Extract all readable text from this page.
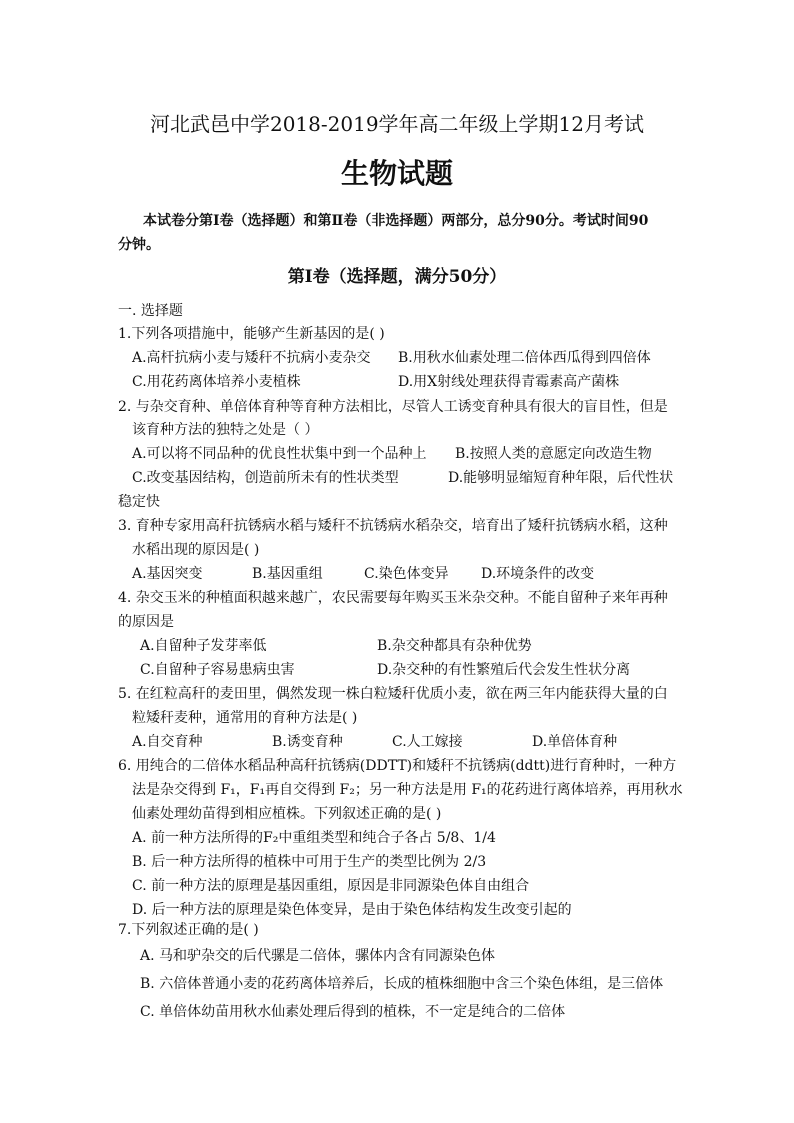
河北武邑中学2018-2019学年高二年级上学期12月考试
生物试题
本试卷分第Ⅰ卷（选择题）和第Ⅱ卷（非选择题）两部分，总分90分。考试时间90
分钟。
第Ⅰ卷（选择题，满分50分）
一. 选择题
1.下列各项措施中，能够产生新基因的是( )
A.高杆抗病小麦与矮秆不抗病小麦杂交 B.用秋水仙素处理二倍体西瓜得到四倍体
C.用花药离体培养小麦植株	D.用X射线处理获得青霉素高产菌株
2. 与杂交育种、单倍体育种等育种方法相比，尽管人工诱变育种具有很大的盲目性，但是
该育种方法的独特之处是（ ）
A.可以将不同品种的优良性状集中到一个品种上 B.按照人类的意愿定向改造生物
C.改变基因结构，创造前所未有的性状类型	D.能够明显缩短育种年限，后代性状
稳定快
3. 育种专家用高秆抗锈病水稻与矮秆不抗锈病水稻杂交，培育出了矮秆抗锈病水稻，这种
水稻出现的原因是( )
A.基因突变	B.基因重组	C.染色体变异 D.环境条件的改变
4. 杂交玉米的种植面积越来越广，农民需要每年购买玉米杂交种。不能自留种子来年再种
的原因是
A.自留种子发芽率低	B.杂交种都具有杂种优势
C.自留种子容易患病虫害	D.杂交种的有性繁殖后代会发生性状分离
5. 在红粒高秆的麦田里，偶然发现一株白粒矮秆优质小麦，欲在两三年内能获得大量的白
粒矮秆麦种，通常用的育种方法是( )
A.自交育种	B.诱变育种	C.人工嫁接	D.单倍体育种
6. 用纯合的二倍体水稻品种高秆抗锈病(DDTT)和矮秆不抗锈病(ddtt)进行育种时，一种方
法是杂交得到 F₁，F₁再自交得到 F₂；另一种方法是用 F₁的花药进行离体培养，再用秋水
仙素处理幼苗得到相应植株。下列叙述正确的是( )
A. 前一种方法所得的F₂中重组类型和纯合子各占 5/8、1/4
B. 后一种方法所得的植株中可用于生产的类型比例为 2/3
C. 前一种方法的原理是基因重组，原因是非同源染色体自由组合
D. 后一种方法的原理是染色体变异，是由于染色体结构发生改变引起的
7.下列叙述正确的是( )
A. 马和驴杂交的后代骡是二倍体，骡体内含有同源染色体
B. 六倍体普通小麦的花药离体培养后，长成的植株细胞中含三个染色体组，是三倍体
C. 单倍体幼苗用秋水仙素处理后得到的植株，不一定是纯合的二倍体
